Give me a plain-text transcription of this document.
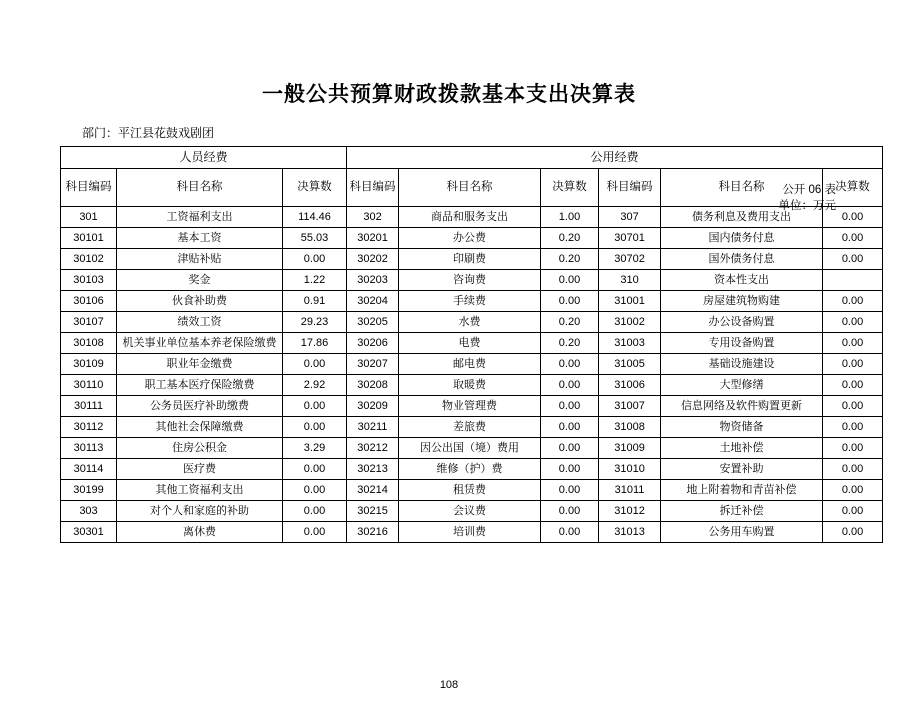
一般公共预算财政拨款基本支出决算表
公开 06 表
单位：万元
部门：平江县花鼓戏剧团
人员经费			公用经费					
科目编码	科目名称	决算数	科目编码	科目名称	决算数	科目编码	科目名称	决算数
301	工资福利支出	114.46	302	商品和服务支出	1.00	307	债务利息及费用支出	0.00
30101	基本工资	55.03	30201	办公费	0.20	30701	国内债务付息	0.00
30102	津贴补贴	0.00	30202	印刷费	0.20	30702	国外债务付息	0.00
30103	奖金	1.22	30203	咨询费	0.00	310	资本性支出	
30106	伙食补助费	0.91	30204	手续费	0.00	31001	房屋建筑物购建	0.00
30107	绩效工资	29.23	30205	水费	0.20	31002	办公设备购置	0.00
30108	机关事业单位基本养老保险缴费	17.86	30206	电费	0.20	31003	专用设备购置	0.00
30109	职业年金缴费	0.00	30207	邮电费	0.00	31005	基础设施建设	0.00
30110	职工基本医疗保险缴费	2.92	30208	取暖费	0.00	31006	大型修缮	0.00
30111	公务员医疗补助缴费	0.00	30209	物业管理费	0.00	31007	信息网络及软件购置更新	0.00
30112	其他社会保障缴费	0.00	30211	差旅费	0.00	31008	物资储备	0.00
30113	住房公积金	3.29	30212	因公出国（境）费用	0.00	31009	土地补偿	0.00
30114	医疗费	0.00	30213	维修（护）费	0.00	31010	安置补助	0.00
30199	其他工资福利支出	0.00	30214	租赁费	0.00	31011	地上附着物和青苗补偿	0.00
303	对个人和家庭的补助	0.00	30215	会议费	0.00	31012	拆迁补偿	0.00
30301	离休费	0.00	30216	培训费	0.00	31013	公务用车购置	0.00
108
